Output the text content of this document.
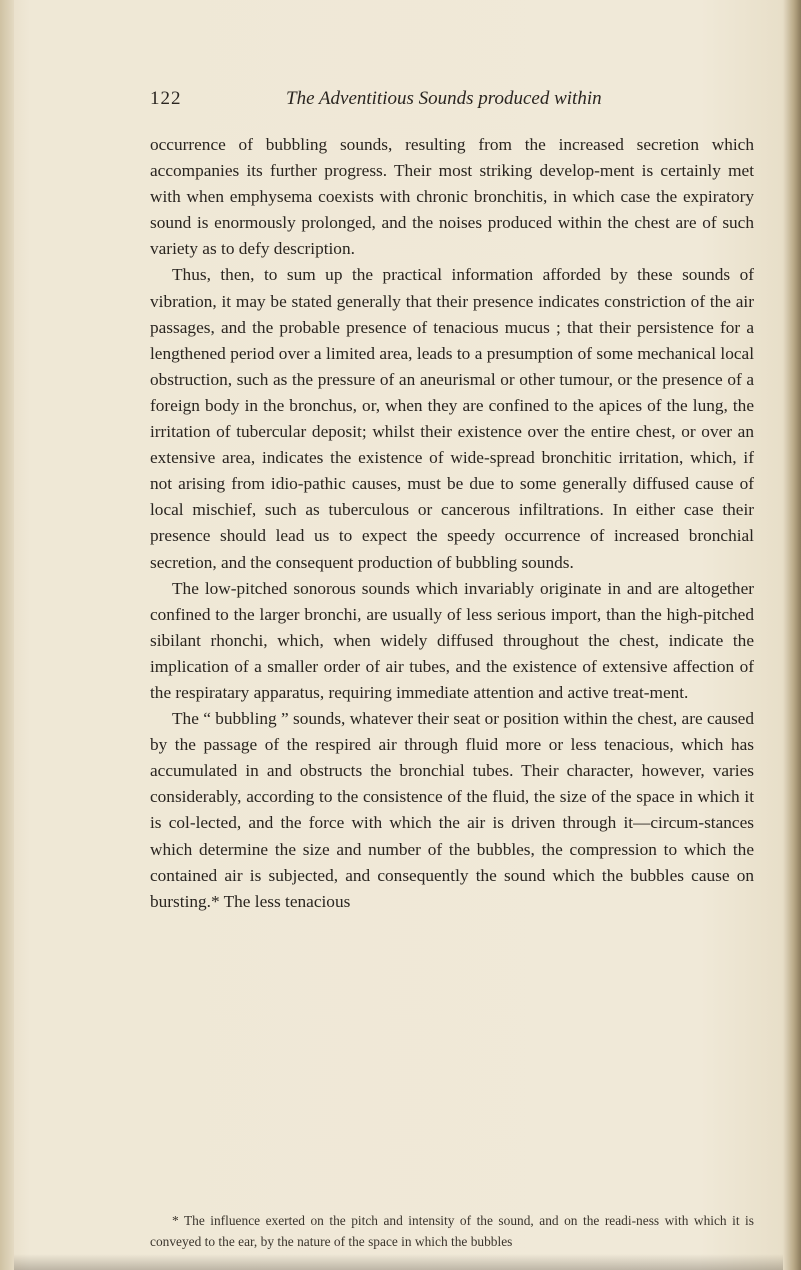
122	The Adventitious Sounds produced within

occurrence of bubbling sounds, resulting from the increased secretion which accompanies its further progress. Their most striking develop-ment is certainly met with when emphysema coexists with chronic bronchitis, in which case the expiratory sound is enormously prolonged, and the noises produced within the chest are of such variety as to defy description.

Thus, then, to sum up the practical information afforded by these sounds of vibration, it may be stated generally that their presence indicates constriction of the air passages, and the probable presence of tenacious mucus ; that their persistence for a lengthened period over a limited area, leads to a presumption of some mechanical local obstruction, such as the pressure of an aneurismal or other tumour, or the presence of a foreign body in the bronchus, or, when they are confined to the apices of the lung, the irritation of tubercular deposit; whilst their existence over the entire chest, or over an extensive area, indicates the existence of wide-spread bronchitic irritation, which, if not arising from idio-pathic causes, must be due to some generally diffused cause of local mischief, such as tuberculous or cancerous infiltrations. In either case their presence should lead us to expect the speedy occurrence of increased bronchial secretion, and the consequent production of bubbling sounds.

The low-pitched sonorous sounds which invariably originate in and are altogether confined to the larger bronchi, are usually of less serious import, than the high-pitched sibilant rhonchi, which, when widely diffused throughout the chest, indicate the implication of a smaller order of air tubes, and the existence of extensive affection of the respiratary apparatus, requiring immediate attention and active treat-ment.

The “ bubbling ” sounds, whatever their seat or position within the chest, are caused by the passage of the respired air through fluid more or less tenacious, which has accumulated in and obstructs the bronchial tubes. Their character, however, varies considerably, according to the consistence of the fluid, the size of the space in which it is col-lected, and the force with which the air is driven through it—circum-stances which determine the size and number of the bubbles, the compression to which the contained air is subjected, and consequently the sound which the bubbles cause on bursting.* The less tenacious

* The influence exerted on the pitch and intensity of the sound, and on the readi-ness with which it is conveyed to the ear, by the nature of the space in which the bubbles
